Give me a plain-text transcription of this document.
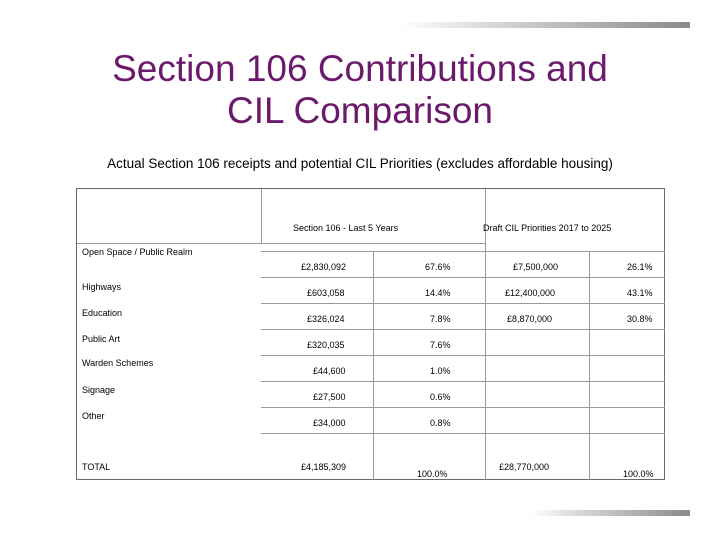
Section 106 Contributions and
CIL Comparison
Actual Section 106 receipts and potential CIL Priorities (excludes affordable housing)
Section 106 - Last 5 Years	Draft CIL Priorities 2017 to 2025
Open Space / Public Realm
Highways
Education
Public Art
Warden Schemes
Signage
Other
TOTAL
£2,830,092
£603,058
£326,024
£320,035
£44,600
£27,500
£34,000
£4,185,309
67.6%
14.4%
7.8%
7.6%
1.0%
0.6%
0.8%
100.0%
£7,500,000
£12,400,000
£8,870,000
£28,770,000
26.1%
43.1%
30.8%
100.0%
